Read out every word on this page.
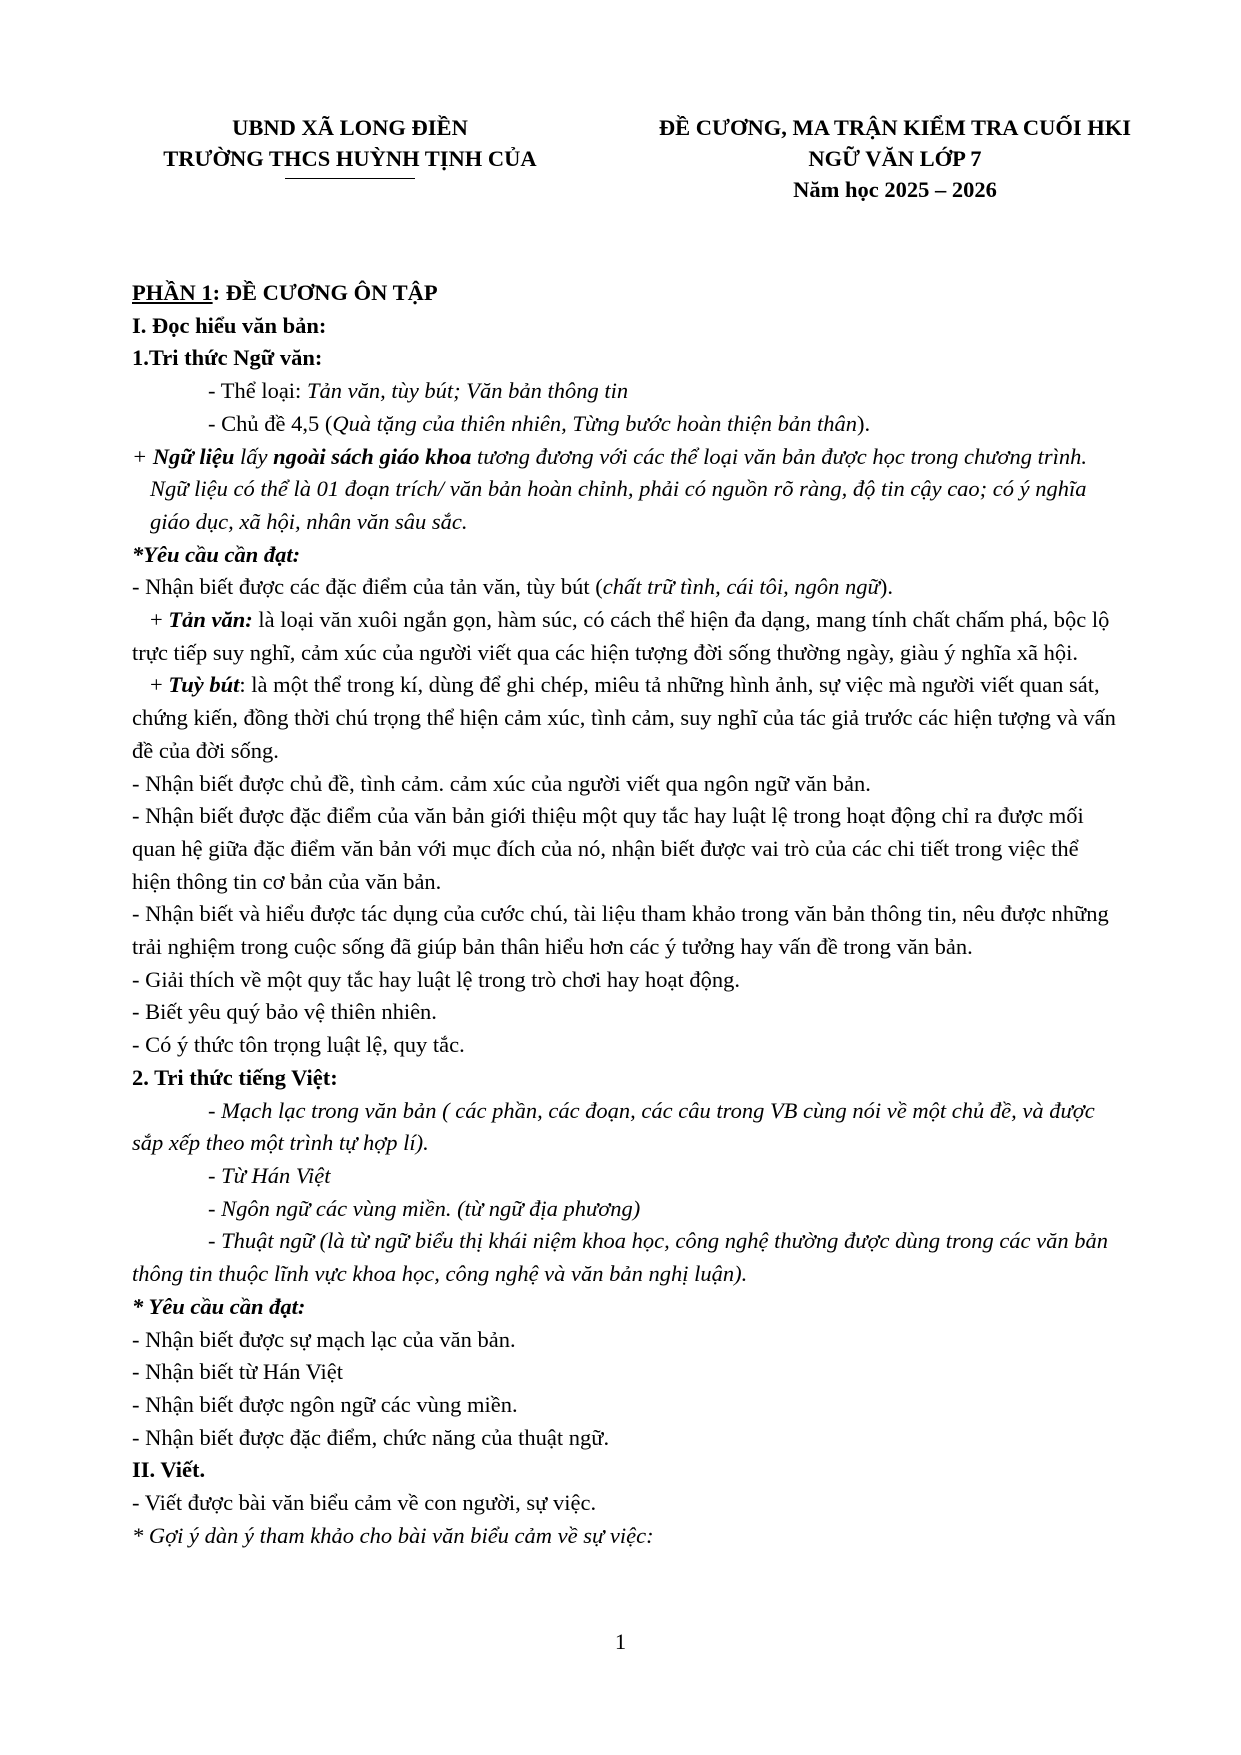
UBND XÃ LONG ĐIỀN
TRƯỜNG THCS HUỲNH TỊNH CỦA
ĐỀ CƯƠNG, MA TRẬN KIỂM TRA CUỐI HKI
NGỮ VĂN LỚP 7
Năm học 2025 – 2026

PHẦN 1: ĐỀ CƯƠNG ÔN TẬP

I. Đọc hiểu văn bản:

1.Tri thức Ngữ văn:

- Thể loại: Tản văn, tùy bút; Văn bản thông tin

- Chủ đề 4,5 (Quà tặng của thiên nhiên, Từng bước hoàn thiện bản thân).

+ Ngữ liệu lấy ngoài sách giáo khoa tương đương với các thể loại văn bản được học trong chương trình. Ngữ liệu có thể là 01 đoạn trích/ văn bản hoàn chỉnh, phải có nguồn rõ ràng, độ tin cậy cao; có ý nghĩa giáo dục, xã hội, nhân văn sâu sắc.

*Yêu cầu cần đạt:

- Nhận biết được các đặc điểm của tản văn, tùy bút (chất trữ tình, cái tôi, ngôn ngữ).

+ Tản văn: là loại văn xuôi ngắn gọn, hàm súc, có cách thể hiện đa dạng, mang tính chất chấm phá, bộc lộ trực tiếp suy nghĩ, cảm xúc của người viết qua các hiện tượng đời sống thường ngày, giàu ý nghĩa xã hội.

+ Tuỳ bút: là một thể trong kí, dùng để ghi chép, miêu tả những hình ảnh, sự việc mà người viết quan sát, chứng kiến, đồng thời chú trọng thể hiện cảm xúc, tình cảm, suy nghĩ của tác giả trước các hiện tượng và vấn đề của đời sống.

- Nhận biết được chủ đề, tình cảm. cảm xúc của người viết qua ngôn ngữ văn bản.

- Nhận biết được đặc điểm của văn bản giới thiệu một quy tắc hay luật lệ trong hoạt động chỉ ra được mối quan hệ giữa đặc điểm văn bản với mục đích của nó, nhận biết được vai trò của các chi tiết trong việc thể hiện thông tin cơ bản của văn bản.

- Nhận biết và hiểu được tác dụng của cước chú, tài liệu tham khảo trong văn bản thông tin, nêu được những trải nghiệm trong cuộc sống đã giúp bản thân hiểu hơn các ý tưởng hay vấn đề trong văn bản.

- Giải thích về một quy tắc hay luật lệ trong trò chơi hay hoạt động.

- Biết yêu quý bảo vệ thiên nhiên.

- Có ý thức tôn trọng luật lệ, quy tắc.

2. Tri thức tiếng Việt:

- Mạch lạc trong văn bản ( các phần, các đoạn, các câu trong VB cùng nói về một chủ đề, và được sắp xếp theo một trình tự hợp lí).

- Từ Hán Việt

- Ngôn ngữ các vùng miền. (từ ngữ địa phương)

- Thuật ngữ (là từ ngữ biểu thị khái niệm khoa học, công nghệ thường được dùng trong các văn bản thông tin thuộc lĩnh vực khoa học, công nghệ và văn bản nghị luận).

* Yêu cầu cần đạt:

- Nhận biết được sự mạch lạc của văn bản.

- Nhận biết từ Hán Việt

- Nhận biết được ngôn ngữ các vùng miền.

- Nhận biết được đặc điểm, chức năng của thuật ngữ.

II. Viết.

- Viết được bài văn biểu cảm về con người, sự việc.

* Gợi ý dàn ý tham khảo cho bài văn biểu cảm về sự việc:

1
